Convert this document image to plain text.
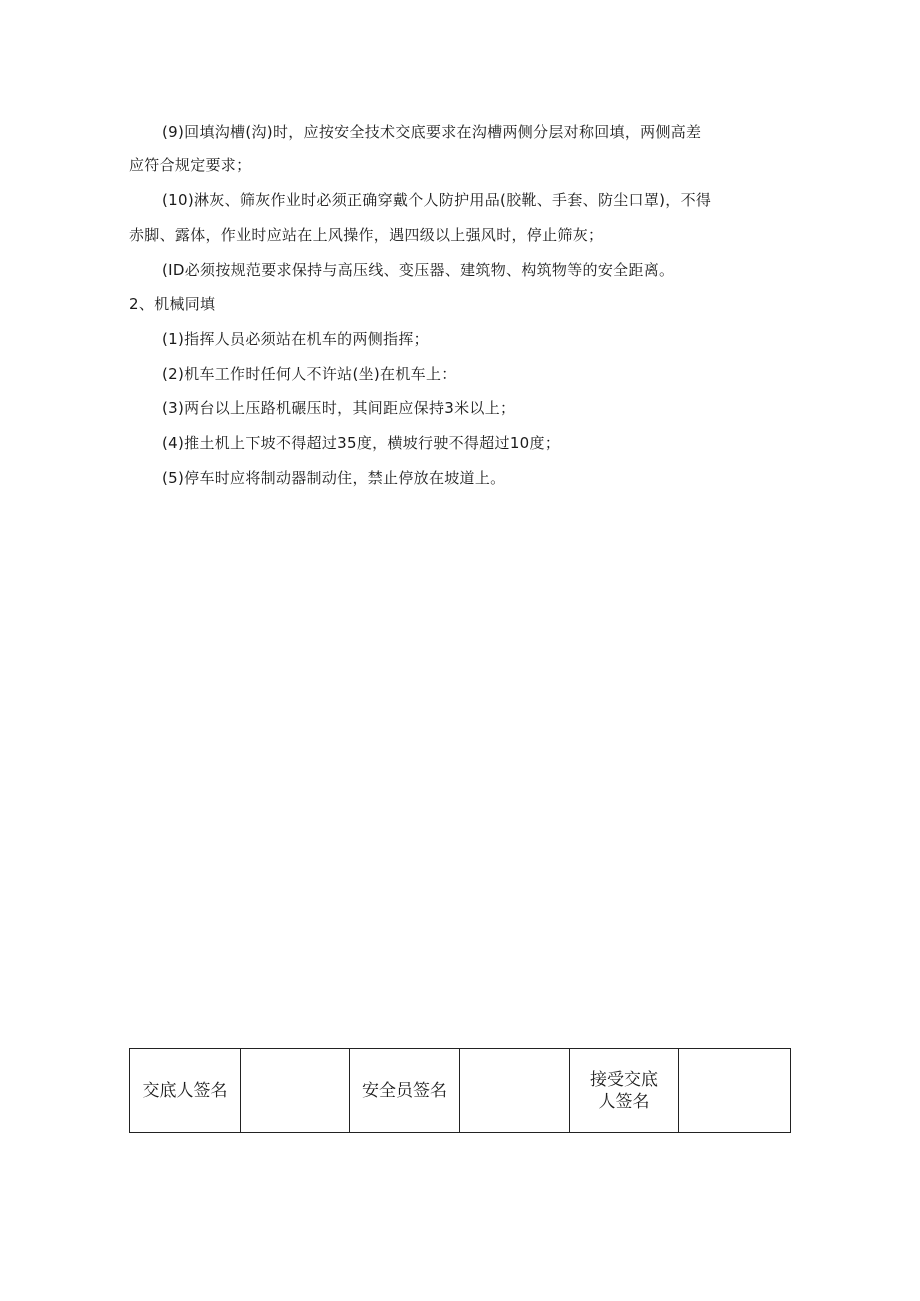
(9)回填沟槽(沟)时，应按安全技术交底要求在沟槽两侧分层对称回填，两侧高差
应符合规定要求；
(10)淋灰、筛灰作业时必须正确穿戴个人防护用品(胶靴、手套、防尘口罩)，不得
赤脚、露体，作业时应站在上风操作，遇四级以上强风时，停止筛灰；
(ID必须按规范要求保持与高压线、变压器、建筑物、构筑物等的安全距离。
2、机械同填
(1)指挥人员必须站在机车的两侧指挥；
(2)机车工作时任何人不许站(坐)在机车上：
(3)两台以上压路机碾压时，其间距应保持3米以上；
(4)推土机上下坡不得超过35度，横坡行驶不得超过10度；
(5)停车时应将制动器制动住，禁止停放在坡道上。
交底人签名		安全员签名		接受交底人签名	
